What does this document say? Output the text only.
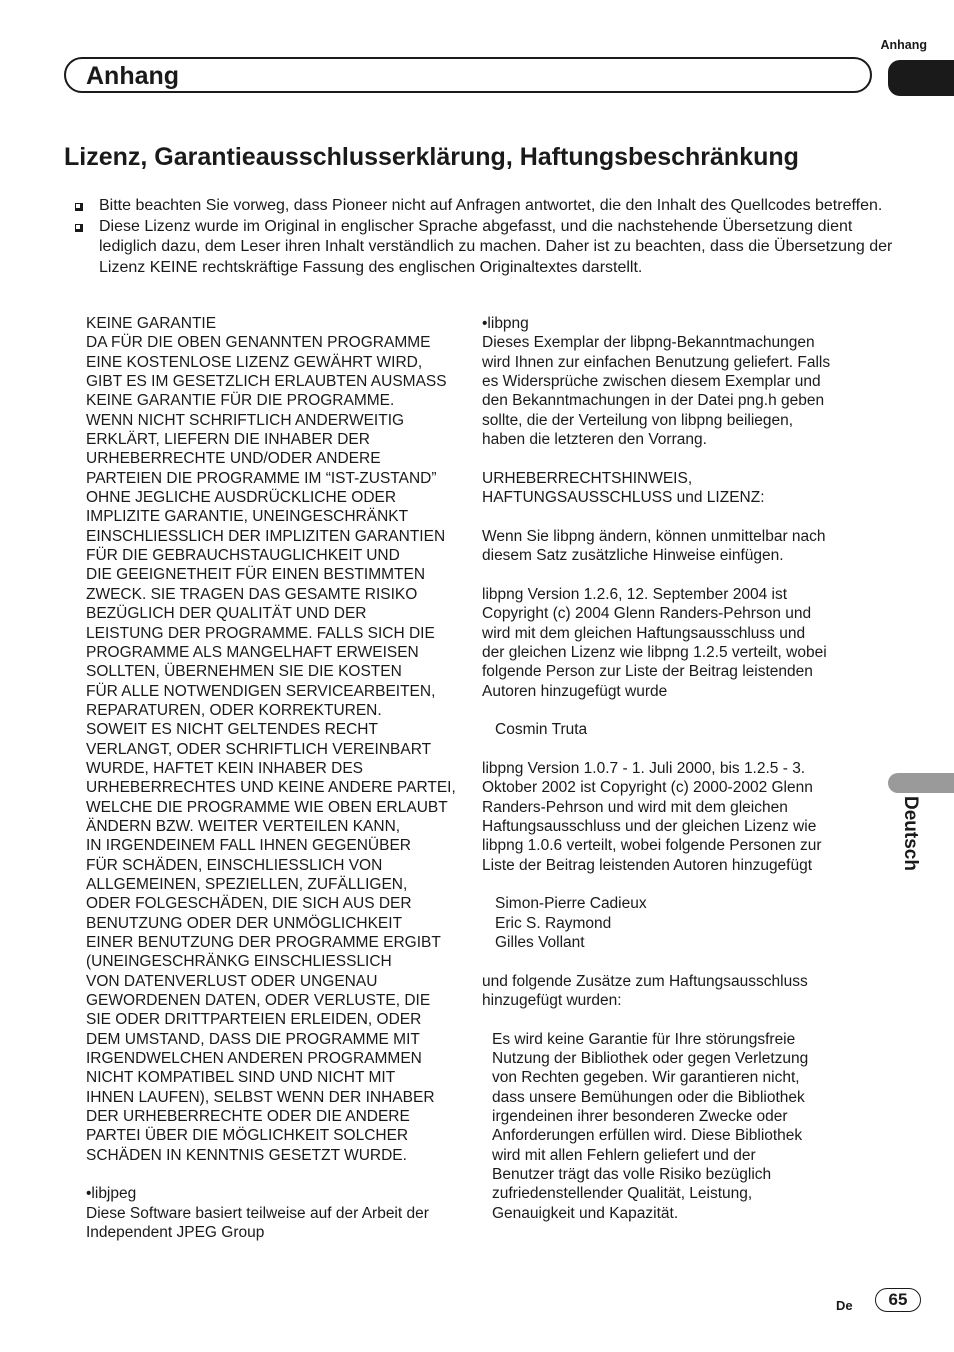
Anhang
Anhang
Deutsch
Lizenz, Garantieausschlusserklärung, Haftungsbeschränkung
Bitte beachten Sie vorweg, dass Pioneer nicht auf Anfragen antwortet, die den Inhalt des Quellcodes betreffen.
Diese Lizenz wurde im Original in englischer Sprache abgefasst, und die nachstehende Übersetzung dient lediglich dazu, dem Leser ihren Inhalt verständlich zu machen. Daher ist zu beachten, dass die Übersetzung der Lizenz KEINE rechtskräftige Fassung des englischen Originaltextes darstellt.

KEINE GARANTIE

DA FÜR DIE OBEN GENANNTEN PROGRAMME

EINE KOSTENLOSE LIZENZ GEWÄHRT WIRD,

GIBT ES IM GESETZLICH ERLAUBTEN AUSMASS

KEINE GARANTIE FÜR DIE PROGRAMME.

WENN NICHT SCHRIFTLICH ANDERWEITIG

ERKLÄRT, LIEFERN DIE INHABER DER

URHEBERRECHTE UND/ODER ANDERE

PARTEIEN DIE PROGRAMME IM “IST-ZUSTAND”

OHNE JEGLICHE AUSDRÜCKLICHE ODER

IMPLIZITE GARANTIE, UNEINGESCHRÄNKT

EINSCHLIESSLICH DER IMPLIZITEN GARANTIEN

FÜR DIE GEBRAUCHSTAUGLICHKEIT UND

DIE GEEIGNETHEIT FÜR EINEN BESTIMMTEN

ZWECK. SIE TRAGEN DAS GESAMTE RISIKO

BEZÜGLICH DER QUALITÄT UND DER

LEISTUNG DER PROGRAMME. FALLS SICH DIE

PROGRAMME ALS MANGELHAFT ERWEISEN

SOLLTEN, ÜBERNEHMEN SIE DIE KOSTEN

FÜR ALLE NOTWENDIGEN SERVICEARBEITEN,

REPARATUREN, ODER KORREKTUREN.

SOWEIT ES NICHT GELTENDES RECHT

VERLANGT, ODER SCHRIFTLICH VEREINBART

WURDE, HAFTET KEIN INHABER DES

URHEBERRECHTES UND KEINE ANDERE PARTEI,

WELCHE DIE PROGRAMME WIE OBEN ERLAUBT

ÄNDERN BZW. WEITER VERTEILEN KANN,

IN IRGENDEINEM FALL IHNEN GEGENÜBER

FÜR SCHÄDEN, EINSCHLIESSLICH VON

ALLGEMEINEN, SPEZIELLEN, ZUFÄLLIGEN,

ODER FOLGESCHÄDEN, DIE SICH AUS DER

BENUTZUNG ODER DER UNMÖGLICHKEIT

EINER BENUTZUNG DER PROGRAMME ERGIBT

(UNEINGESCHRÄNKG EINSCHLIESSLICH

VON DATENVERLUST ODER UNGENAU

GEWORDENEN DATEN, ODER VERLUSTE, DIE

SIE ODER DRITTPARTEIEN ERLEIDEN, ODER

DEM UMSTAND, DASS DIE PROGRAMME MIT

IRGENDWELCHEN ANDEREN PROGRAMMEN

NICHT KOMPATIBEL SIND UND NICHT MIT

IHNEN LAUFEN), SELBST WENN DER INHABER

DER URHEBERRECHTE ODER DIE ANDERE

PARTEI ÜBER DIE MÖGLICHKEIT SOLCHER

SCHÄDEN IN KENNTNIS GESETZT WURDE.

•libjpeg

Diese Software basiert teilweise auf der Arbeit der

Independent JPEG Group

•libpng

Dieses Exemplar der libpng-Bekanntmachungen

wird Ihnen zur einfachen Benutzung geliefert. Falls

es Widersprüche zwischen diesem Exemplar und

den Bekanntmachungen in der Datei png.h geben

sollte, die der Verteilung von libpng beiliegen,

haben die letzteren den Vorrang.

URHEBERRECHTSHINWEIS,

HAFTUNGSAUSSCHLUSS und LIZENZ:

Wenn Sie libpng ändern, können unmittelbar nach

diesem Satz zusätzliche Hinweise einfügen.

libpng Version 1.2.6, 12. September 2004 ist

Copyright (c) 2004 Glenn Randers-Pehrson und

wird mit dem gleichen Haftungsausschluss und

der gleichen Lizenz wie libpng 1.2.5 verteilt, wobei

folgende Person zur Liste der Beitrag leistenden

Autoren hinzugefügt wurde

Cosmin Truta

libpng Version 1.0.7 - 1. Juli 2000, bis 1.2.5 - 3.

Oktober 2002 ist Copyright (c) 2000-2002 Glenn

Randers-Pehrson und wird mit dem gleichen

Haftungsausschluss und der gleichen Lizenz wie

libpng 1.0.6 verteilt, wobei folgende Personen zur

Liste der Beitrag leistenden Autoren hinzugefügt

Simon-Pierre Cadieux

Eric S. Raymond

Gilles Vollant

und folgende Zusätze zum Haftungsausschluss

hinzugefügt wurden:

Es wird keine Garantie für Ihre störungsfreie

Nutzung der Bibliothek oder gegen Verletzung

von Rechten gegeben. Wir garantieren nicht,

dass unsere Bemühungen oder die Bibliothek

irgendeinen ihrer besonderen Zwecke oder

Anforderungen erfüllen wird. Diese Bibliothek

wird mit allen Fehlern geliefert und der

Benutzer trägt das volle Risiko bezüglich

zufriedenstellender Qualität, Leistung,

Genauigkeit und Kapazität.

De	65
